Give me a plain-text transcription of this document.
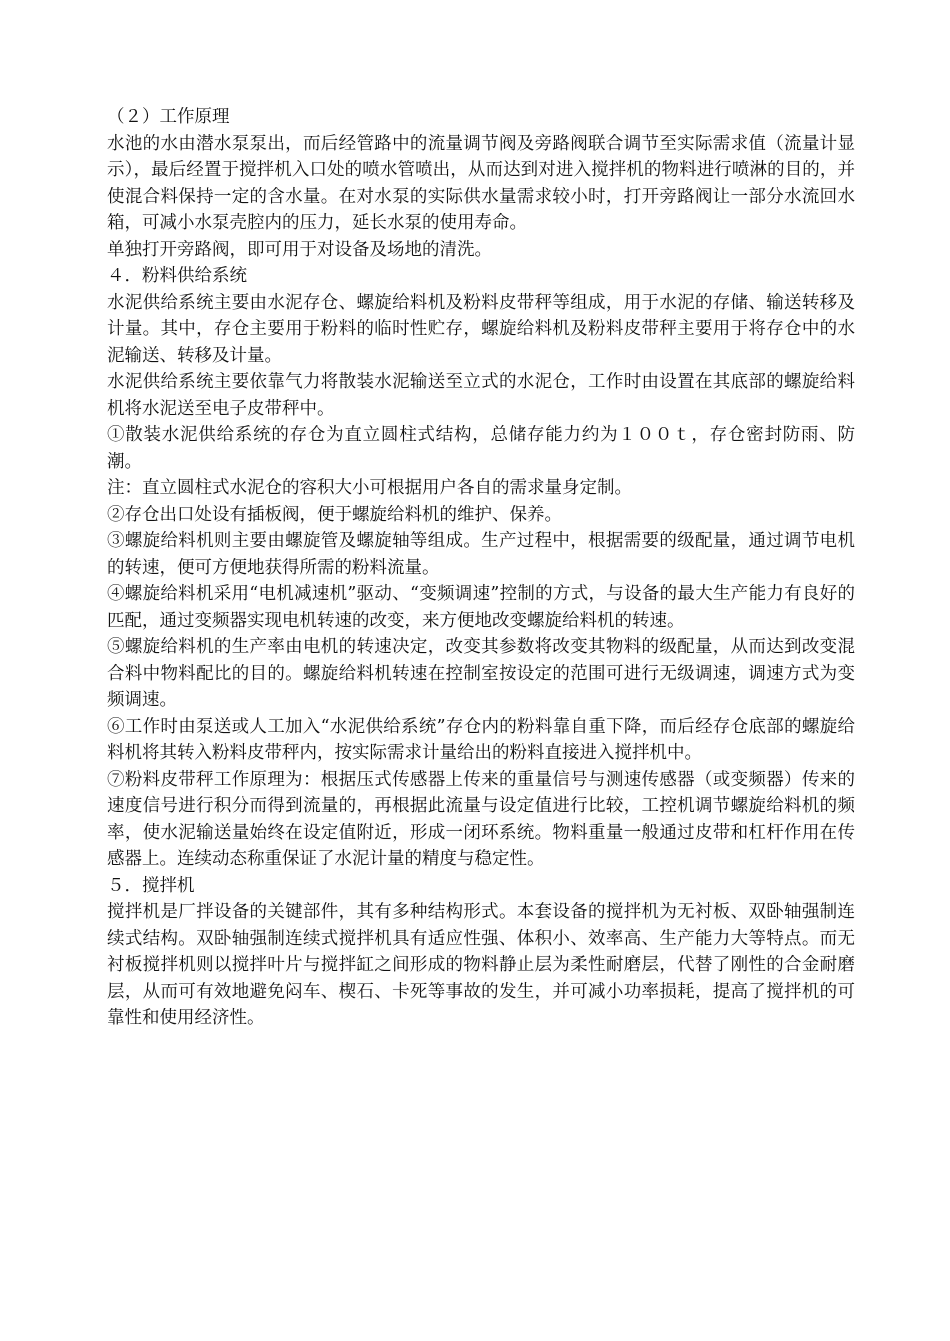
（２）工作原理

水池的水由潜水泵泵出，而后经管路中的流量调节阀及旁路阀联合调节至实际需求值（流量计显示），最后经置于搅拌机入口处的喷水管喷出，从而达到对进入搅拌机的物料进行喷淋的目的，并使混合料保持一定的含水量。在对水泵的实际供水量需求较小时，打开旁路阀让一部分水流回水箱，可减小水泵壳腔内的压力，延长水泵的使用寿命。

单独打开旁路阀，即可用于对设备及场地的清洗。

４．粉料供给系统

水泥供给系统主要由水泥存仓、螺旋给料机及粉料皮带秤等组成，用于水泥的存储、输送转移及计量。其中，存仓主要用于粉料的临时性贮存，螺旋给料机及粉料皮带秤主要用于将存仓中的水泥输送、转移及计量。

水泥供给系统主要依靠气力将散装水泥输送至立式的水泥仓，工作时由设置在其底部的螺旋给料机将水泥送至电子皮带秤中。

①散装水泥供给系统的存仓为直立圆柱式结构，总储存能力约为１００ｔ，存仓密封防雨、防潮。

注：直立圆柱式水泥仓的容积大小可根据用户各自的需求量身定制。

②存仓出口处设有插板阀，便于螺旋给料机的维护、保养。

③螺旋给料机则主要由螺旋管及螺旋轴等组成。生产过程中，根据需要的级配量，通过调节电机的转速，便可方便地获得所需的粉料流量。

④螺旋给料机采用“电机减速机”驱动、“变频调速”控制的方式，与设备的最大生产能力有良好的匹配，通过变频器实现电机转速的改变，来方便地改变螺旋给料机的转速。

⑤螺旋给料机的生产率由电机的转速决定，改变其参数将改变其物料的级配量，从而达到改变混合料中物料配比的目的。螺旋给料机转速在控制室按设定的范围可进行无级调速，调速方式为变频调速。

⑥工作时由泵送或人工加入“水泥供给系统”存仓内的粉料靠自重下降，而后经存仓底部的螺旋给料机将其转入粉料皮带秤内，按实际需求计量给出的粉料直接进入搅拌机中。

⑦粉料皮带秤工作原理为：根据压式传感器上传来的重量信号与测速传感器（或变频器）传来的速度信号进行积分而得到流量的，再根据此流量与设定值进行比较，工控机调节螺旋给料机的频率，使水泥输送量始终在设定值附近，形成一闭环系统。物料重量一般通过皮带和杠杆作用在传感器上。连续动态称重保证了水泥计量的精度与稳定性。

５．搅拌机

搅拌机是厂拌设备的关键部件，其有多种结构形式。本套设备的搅拌机为无衬板、双卧轴强制连续式结构。双卧轴强制连续式搅拌机具有适应性强、体积小、效率高、生产能力大等特点。而无衬板搅拌机则以搅拌叶片与搅拌缸之间形成的物料静止层为柔性耐磨层，代替了刚性的合金耐磨层，从而可有效地避免闷车、楔石、卡死等事故的发生，并可减小功率损耗，提高了搅拌机的可靠性和使用经济性。
